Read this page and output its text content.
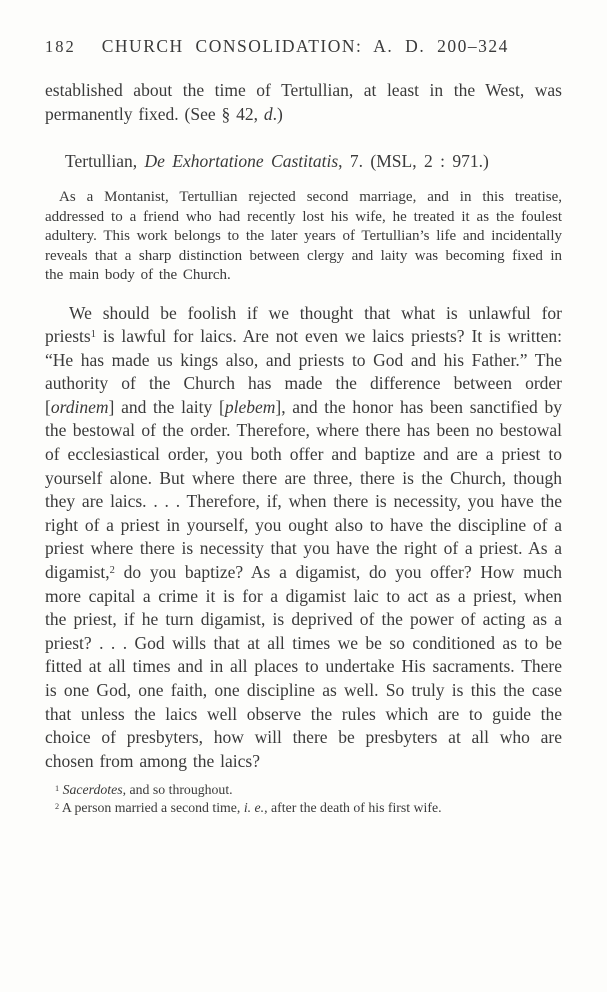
182 CHURCH CONSOLIDATION: A. D. 200–324

established about the time of Tertullian, at least in the West, was permanently fixed. (See § 42, d.)

Tertullian, De Exhortatione Castitatis, 7. (MSL, 2 : 971.)

As a Montanist, Tertullian rejected second marriage, and in this treatise, addressed to a friend who had recently lost his wife, he treated it as the foulest adultery. This work belongs to the later years of Tertullian’s life and incidentally reveals that a sharp distinction between clergy and laity was becoming fixed in the main body of the Church.

We should be foolish if we thought that what is unlawful for priests$^1$ is lawful for laics. Are not even we laics priests? It is written: “He has made us kings also, and priests to God and his Father.” The authority of the Church has made the difference between order [ordinem] and the laity [plebem], and the honor has been sanctified by the bestowal of the order. Therefore, where there has been no bestowal of ecclesiastical order, you both offer and baptize and are a priest to yourself alone. But where there are three, there is the Church, though they are laics. . . . Therefore, if, when there is necessity, you have the right of a priest in yourself, you ought also to have the discipline of a priest where there is necessity that you have the right of a priest. As a digamist,$^2$ do you baptize? As a digamist, do you offer? How much more capital a crime it is for a digamist laic to act as a priest, when the priest, if he turn digamist, is deprived of the power of acting as a priest? . . . God wills that at all times we be so conditioned as to be fitted at all times and in all places to undertake His sacraments. There is one God, one faith, one discipline as well. So truly is this the case that unless the laics well observe the rules which are to guide the choice of presbyters, how will there be presbyters at all who are chosen from among the laics?

$^1$ Sacerdotes, and so throughout.

$^2$ A person married a second time, i. e., after the death of his first wife.
